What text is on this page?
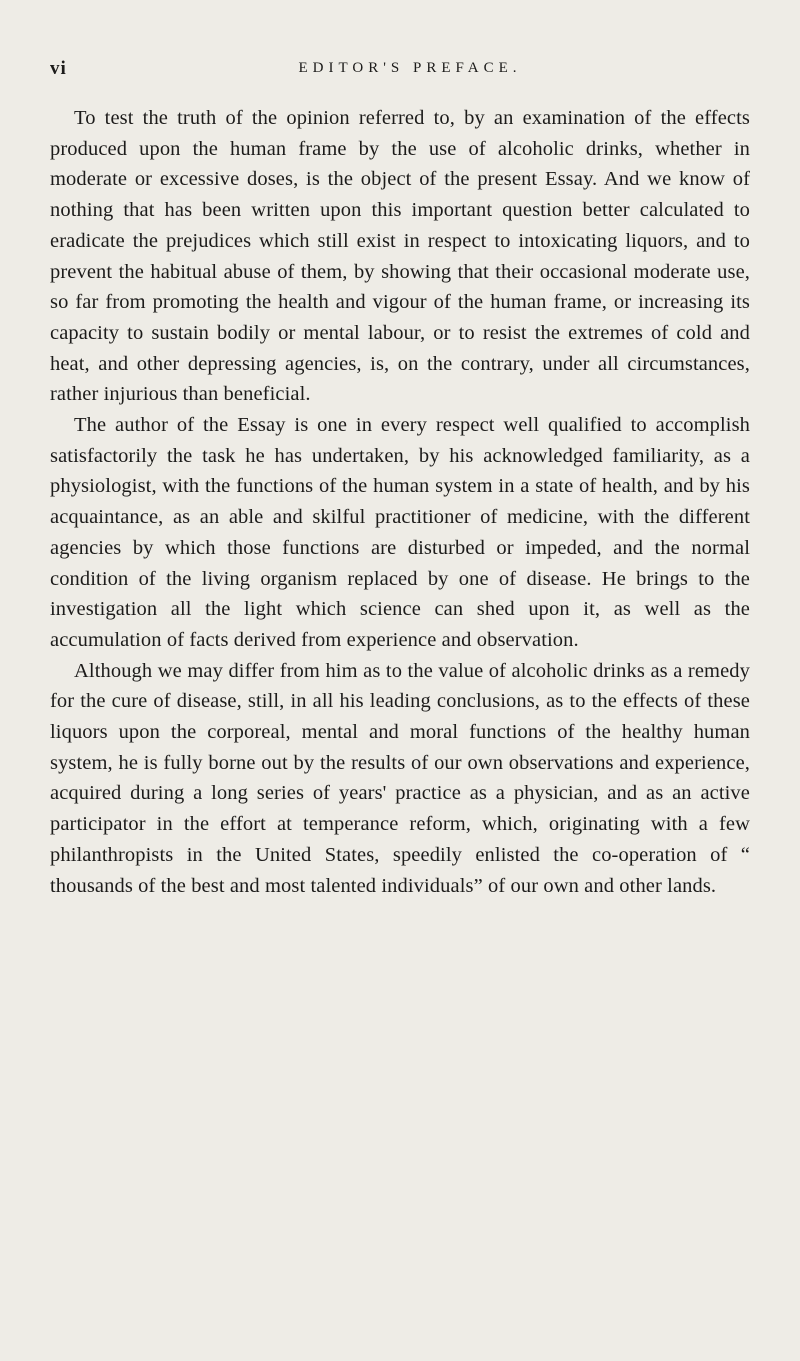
vi	EDITOR'S PREFACE.

To test the truth of the opinion referred to, by an examination of the effects produced upon the human frame by the use of alcoholic drinks, whether in moderate or excessive doses, is the object of the present Essay. And we know of nothing that has been written upon this important question better calculated to eradicate the prejudices which still exist in respect to intoxicating liquors, and to prevent the habitual abuse of them, by showing that their occasional moderate use, so far from promoting the health and vigour of the human frame, or increasing its capacity to sustain bodily or mental labour, or to resist the extremes of cold and heat, and other depressing agencies, is, on the contrary, under all circumstances, rather injurious than beneficial.

The author of the Essay is one in every respect well qualified to accomplish satisfactorily the task he has undertaken, by his acknowledged familiarity, as a physiologist, with the functions of the human system in a state of health, and by his acquaintance, as an able and skilful practitioner of medicine, with the different agencies by which those functions are disturbed or impeded, and the normal condition of the living organism replaced by one of disease. He brings to the investigation all the light which science can shed upon it, as well as the accumulation of facts derived from experience and observation.

Although we may differ from him as to the value of alcoholic drinks as a remedy for the cure of disease, still, in all his leading conclusions, as to the effects of these liquors upon the corporeal, mental and moral functions of the healthy human system, he is fully borne out by the results of our own observations and experience, acquired during a long series of years' practice as a physician, and as an active participator in the effort at temperance reform, which, originating with a few philanthropists in the United States, speedily enlisted the co-operation of “ thousands of the best and most talented individuals” of our own and other lands.
